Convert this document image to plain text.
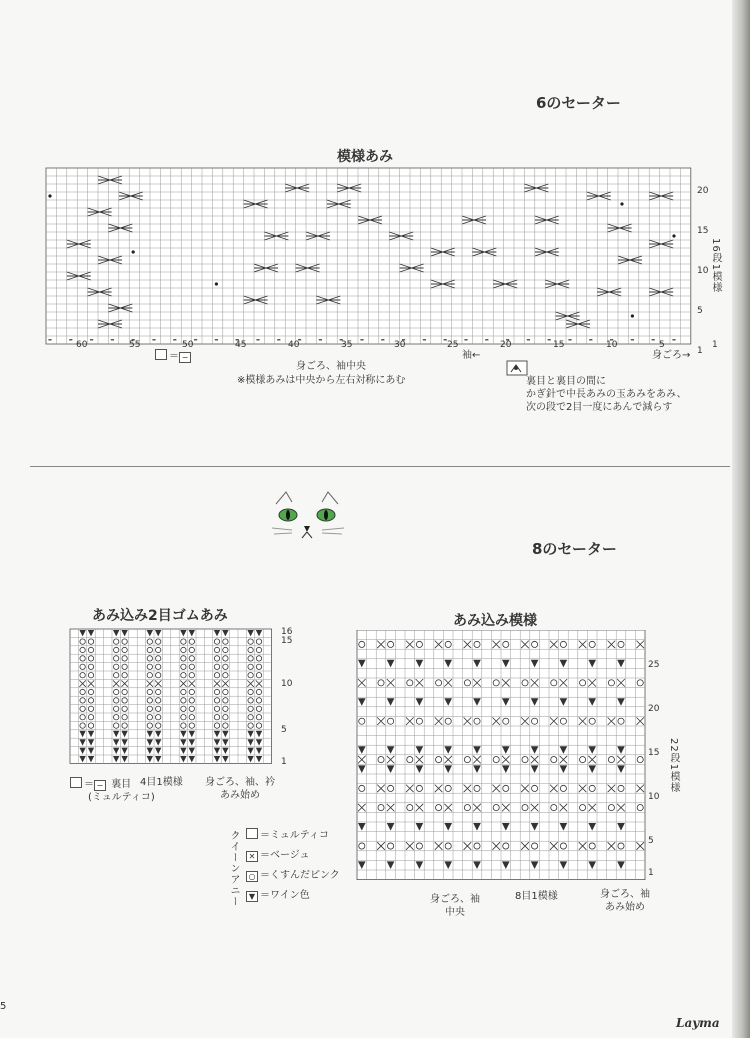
6のセーター
模様あみ
60	55	50	45	40	35	30	25	20	15	10	5	1
20
15
10
5
1
16段1模様
＝ −
身ごろ、袖中央
袖←	身ごろ→
※模様あみは中央から左右対称にあむ	裏目と裏目の間に
かぎ針で中長あみの玉あみをあみ、
次の段で2目一度にあんで減らす
8のセーター
あみ込み2目ゴムあみ
16
15
10
5
1
4目1模様 身ごろ、袖、衿
あみ始め
＝ − 裏目
(ミュルティコ)
あみ込み模様
25
20
15
10
5
1
22段1模様
身ごろ、袖
中央
8目1模様	身ごろ、袖
あみ始め
クイーンアニー	＝ミュルティコ
✕ ＝ベージュ
○ ＝くすんだピンク
▼ ＝ワイン色
5
Layma
